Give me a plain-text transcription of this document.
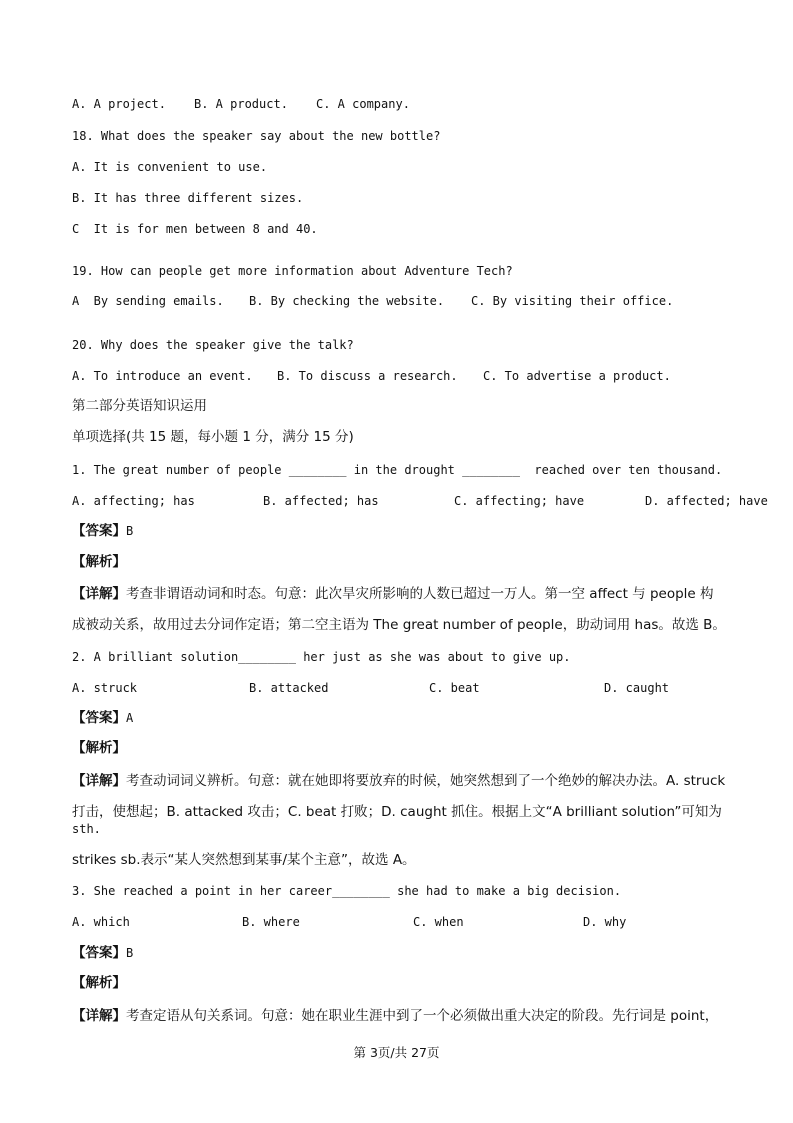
A. A project. B. A product. C. A company.
18. What does the speaker say about the new bottle?
A. It is convenient to use.
B. It has three different sizes.
C  It is for men between 8 and 40.
19. How can people get more information about Adventure Tech?
A  By sending emails. B. By checking the website. C. By visiting their office.
20. Why does the speaker give the talk?
A. To introduce an event. B. To discuss a research. C. To advertise a product.
第二部分英语知识运用
单项选择(共 15 题，每小题 1 分，满分 15 分)
1. The great number of people ________ in the drought ________  reached over ten thousand.
A. affecting; has	B. affected; has	C. affecting; have	D. affected; have
【答案】B
【解析】
【详解】考查非谓语动词和时态。句意：此次旱灾所影响的人数已超过一万人。第一空 affect 与 people 构
成被动关系，故用过去分词作定语；第二空主语为 The great number of people，助动词用 has。故选 B。
2. A brilliant solution________ her just as she was about to give up.
A. struck	B. attacked	C. beat	D. caught
【答案】A
【解析】
【详解】考查动词词义辨析。句意：就在她即将要放弃的时候，她突然想到了一个绝妙的解决办法。A. struck
打击，使想起；B. attacked 攻击；C. beat 打败；D. caught 抓住。根据上文“A brilliant solution”可知为
sth.
strikes sb.表示“某人突然想到某事/某个主意”，故选 A。
3. She reached a point in her career________ she had to make a big decision.
A. which	B. where	C. when	D. why
【答案】B
【解析】
【详解】考查定语从句关系词。句意：她在职业生涯中到了一个必须做出重大决定的阶段。先行词是 point，
第 3页/共 27页
